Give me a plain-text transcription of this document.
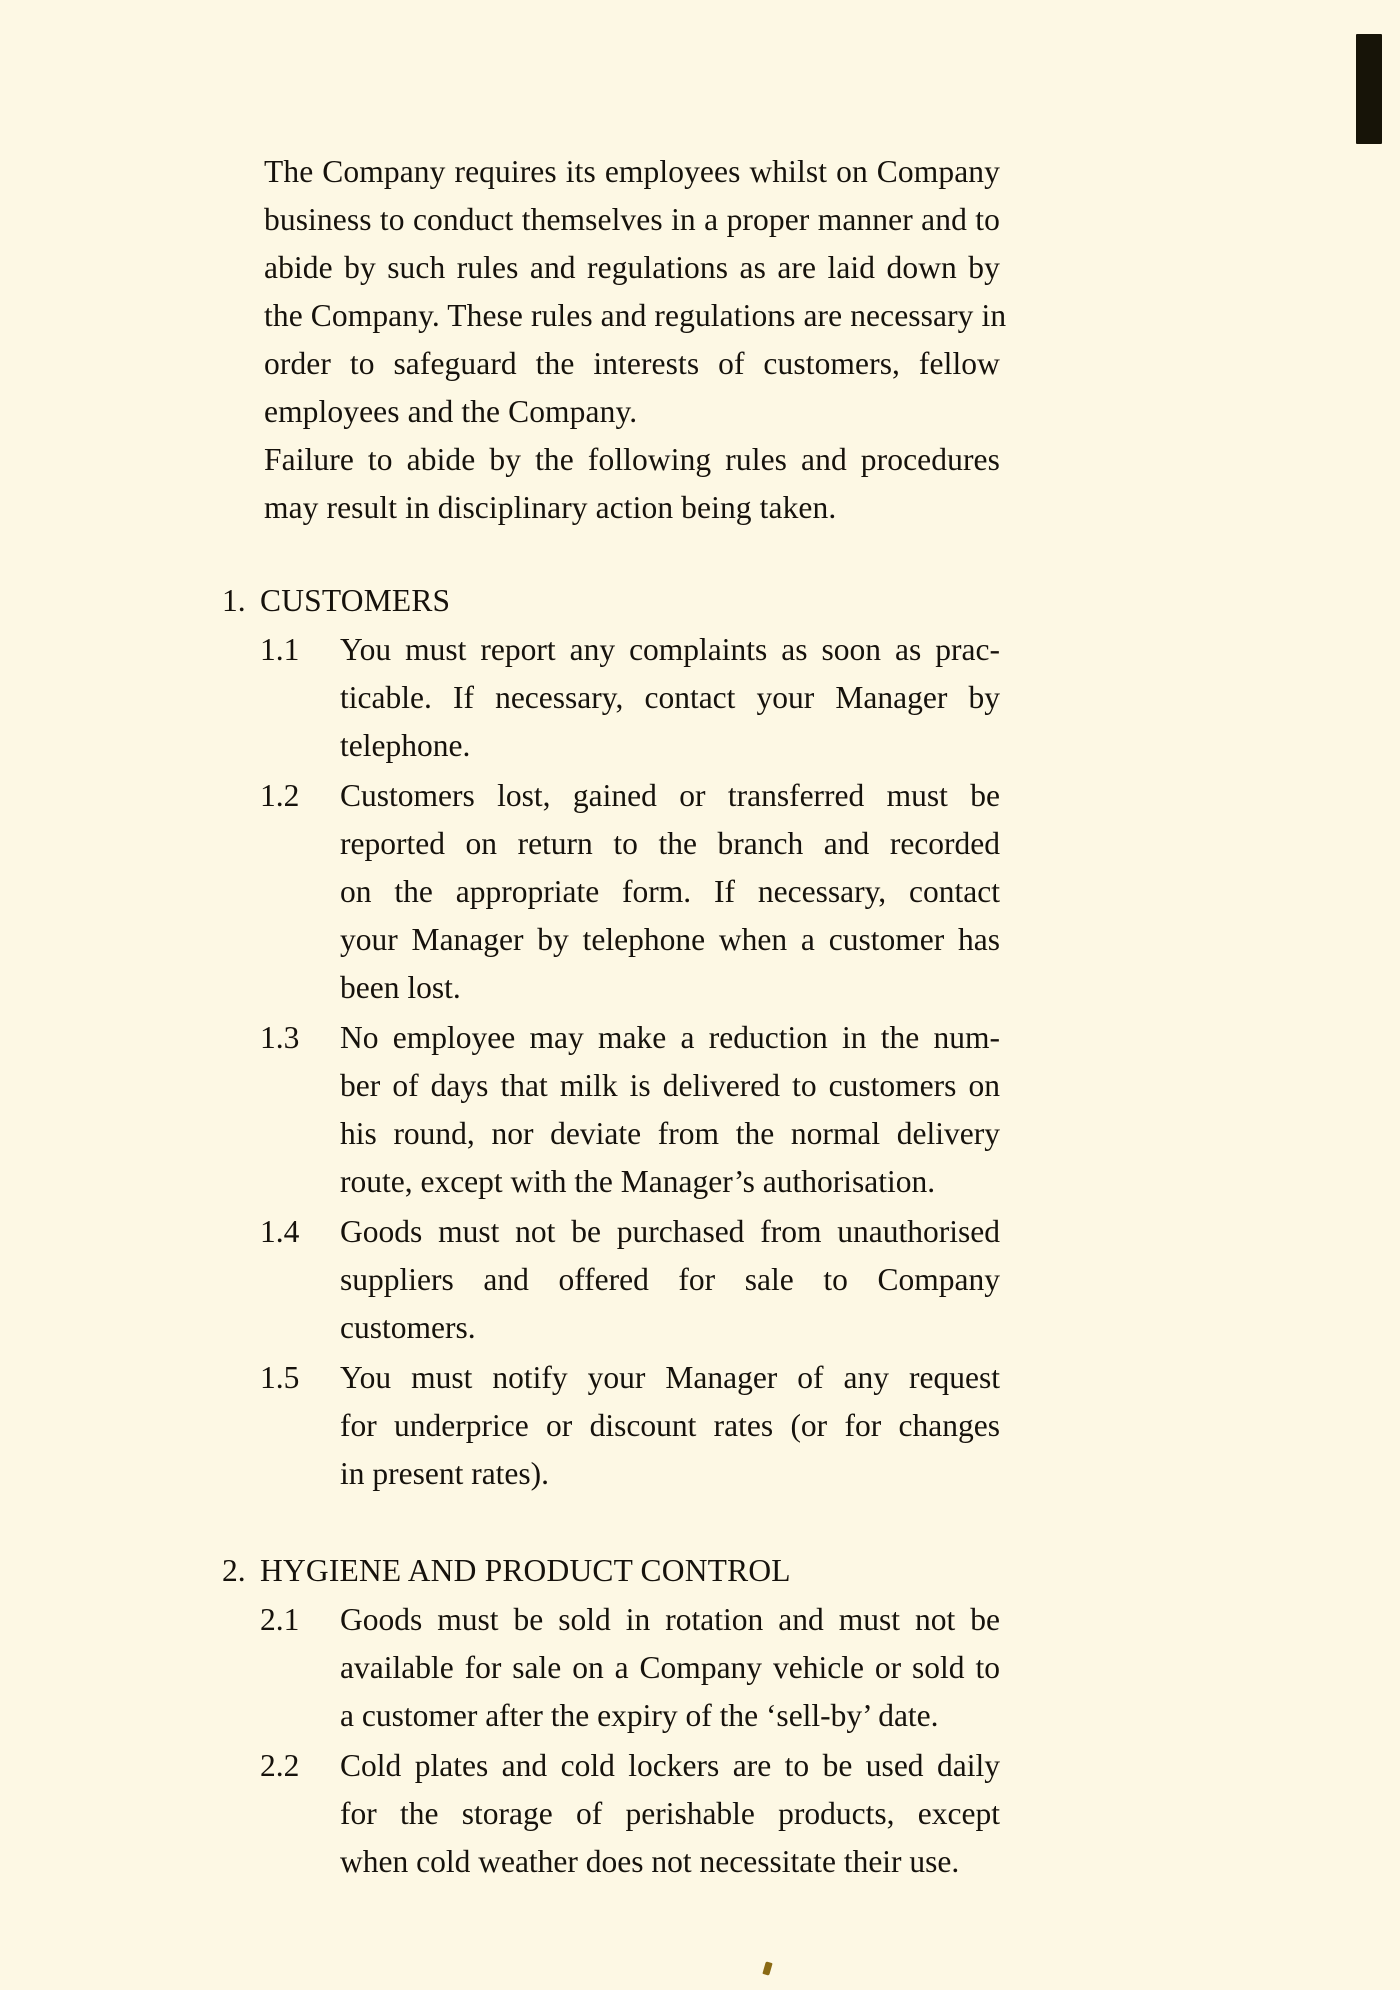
The Company requires its employees whilst on Company
business to conduct themselves in a proper manner and to
abide by such rules and regulations as are laid down by
the Company. These rules and regulations are necessary in
order to safeguard the interests of customers, fellow
employees and the Company.
Failure to abide by the following rules and procedures
may result in disciplinary action being taken.
1. CUSTOMERS
1.1	You must report any complaints as soon as prac-
ticable. If necessary, contact your Manager by
telephone.
1.2	Customers lost, gained or transferred must be
reported on return to the branch and recorded
on the appropriate form. If necessary, contact
your Manager by telephone when a customer has
been lost.
1.3	No employee may make a reduction in the num-
ber of days that milk is delivered to customers on
his round, nor deviate from the normal delivery
route, except with the Manager’s authorisation.
1.4	Goods must not be purchased from unauthorised
suppliers and offered for sale to Company
customers.
1.5	You must notify your Manager of any request
for underprice or discount rates (or for changes
in present rates).
2. HYGIENE AND PRODUCT CONTROL
2.1	Goods must be sold in rotation and must not be
available for sale on a Company vehicle or sold to
a customer after the expiry of the ‘sell-by’ date.
2.2	Cold plates and cold lockers are to be used daily
for the storage of perishable products, except
when cold weather does not necessitate their use.
